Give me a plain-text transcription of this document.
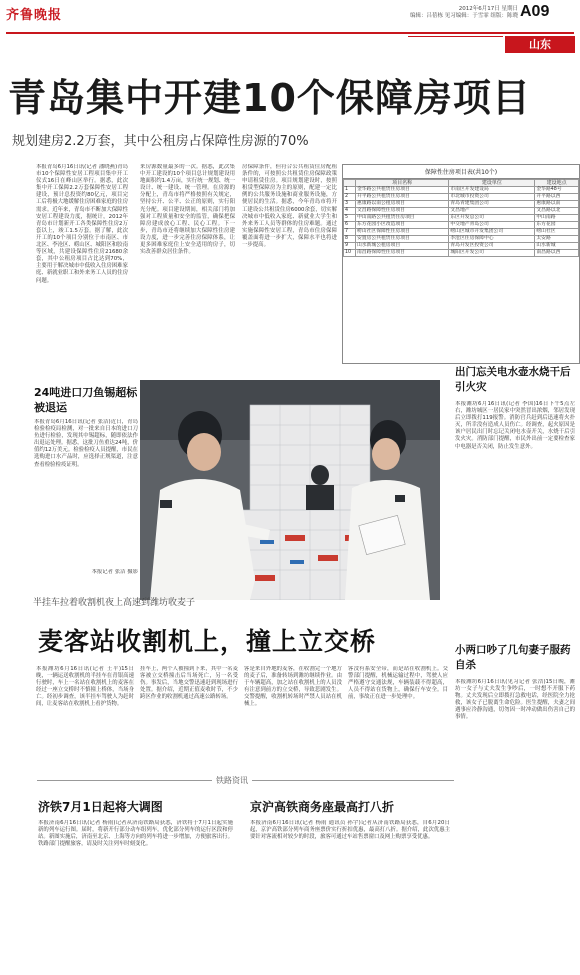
齐鲁晚报	2012年6月17日 星期日
编辑：吕蓓栋 见习编辑：于雪霏 组版：陈晓 A09
山东
青岛集中开建10个保障房项目
规划建房2.2万套，其中公租房占保障性房源的70%
本报青岛6月16日讯(记者 潘晓燕)青岛市10个保障性安居工程项目集中开工仪式16日在峰山区举行。据悉，此次集中开工保障2.2万套保障性安居工程建设，预计总投资约80亿元，项目完工后将极大地缓解住房困难家庭的住房需求。近年来，青岛市不断加大保障性安居工程建设力度，据统计，2012年青岛市计划新开工各类保障性住房2万套以上，竣工1.5万套。据了解，此次开工的10个项目分别位于市南区、市北区、李沧区、崂山区、城阳区和胶南等区域，共建设保障性住房21680余套，其中公租房项目占比达到70%，主要用于解决城市中低收入住房困难家庭、新就业职工和外来务工人员的住房问题。
来房源数量最多的一次。据悉，此次集中开工建设的10个项目总计规划建设用地面积约1.4万亩，实行统一规划、统一设计、统一建设、统一管理。在房源的分配上，青岛市将严格按照有关规定，坚持公开、公平、公正的原则，实行阳光分配。项目建设期间，相关部门将加强对工程质量和安全的监管，确保把保障房建成放心工程、民心工程。下一步，青岛市还将继续加大保障性住房建设力度，进一步完善住房保障体系，让更多困难家庭住上安全适用的房子，切实改善群众居住条件。
房保障条件，但符合公共租赁住房配租条件的，可按照公共租赁住房保障政策申请租赁住房。项目规划建设时，按照租赁型保障房为主的原则，配建一定比例的公共服务设施和商业服务设施，方便居民的生活。据悉，今年青岛市将开工建设公共租赁住房6000余套，切实解决城市中低收入家庭、新就业大学生和外来务工人员等群体的住房难题。通过实施保障性安居工程，青岛市住房保障覆盖面将进一步扩大，保障水平也将进一步提高。
保障性住房项目表(共10个)
	项目名称	建设单位	建设地点
1	金华路公共租赁住房项目	市南区开发建设局	金华路48号
2	开平路公共租赁住房项目	市北城市投资公司	开平路以西
3	惠康路以南公租房项目	青岛青建集团公司	惠康路以南
4	文昌路保障性住房项目	文昌地产	文昌路以北
5	中山南路公共租赁住房项目	东区开发总公司	中山南路
6	东方花园小区改造项目	中交地产青岛公司	东方花园
7	崂山社区保障性住房项目	崂山区城市开发集团公司	崂山社区
8	安置房公共租赁住房项目	李沧区住房保障中心	太安路
9	山水新城公租房项目	青岛开发区投资公司	山水新城
10	南昌路保障性住房项目	城阳区开发公司	南昌路以西
24吨进口刀鱼锡超标被退运
本报青岛6月16日讯(记者 张洁)近日，青岛检验检疫局检测，对一批来自日本的进口刀鱼进行检验，发现其中锡超标，随即依法作出退运处理。据悉，这批刀鱼重达24吨，价值约12万美元。检验检疫人员提醒，市民在选购进口水产品时，应选择正规渠道，注意查看检验检疫证明。
本报记者 张洁 摄影
半挂车拉着收割机夜上高速到潍坊收麦子
麦客站收割机上，撞上立交桥
本报潍坊6月16日讯(记者 王平)15日晚，一辆运送收割机的半挂车在青银高速行驶时，车上一名站在收割机上的麦客在经过一座立交桥时不慎撞上桥体，当场身亡。经初步调查，该半挂车驾驶人为赶时间，让麦客站在收割机上看护货物。
挂车上，两个人被撞到下来，其中一名麦客被立交桥撞击后当场死亡，另一名受伤。事发后，当地交警迅速赶到现场进行处置。据介绍，近期正值麦收时节，不少跨区作业的收割机通过高速公路转场。
客是来自外地的麦客，在收割完一个地方的麦子后，准备转场到潍坊继续作业。由于车辆超高，加之站在收割机上的人员没有注意到前方的立交桥，导致悲剧发生。交警提醒，收割机转场时严禁人员站在机械上。
客没有系安全带，而是站在收割机上。交警部门提醒，机械运输过程中，驾驶人应严格遵守交通法规，车辆装载不得超高，人员不得站在货物上，确保行车安全。目前，事故正在进一步处理中。
出门忘关电水壶水烧干后引火灾
本报潍坊6月16日讯(记者 李国)16日下午5点左右，潍坊城区一居民家中突然冒出浓烟，邻居发现后立即拨打119报警。消防官兵赶到后迅速将火扑灭，所幸没有造成人员伤亡。经调查，起火原因是该户居民出门时忘记关闭电水壶开关，水烧干后引发火灾。消防部门提醒，市民外出前一定要检查家中电器是否关闭，防止发生意外。
小两口吵了几句妻子服药自杀
本报潍坊6月16日讯(见习记者 张浩)15日晚，潍坊一女子与丈夫发生争吵后，一时想不开服下药物。丈夫发现后立即拨打急救电话，经医院全力抢救，该女子已脱离生命危险。医生提醒，夫妻之间遇事应冷静沟通，切勿因一时冲动做出伤害自己的事情。
铁路资讯
济铁7月1日起将大调图
本报济南6月16日讯(记者 杨雨)记者从济南铁路局获悉，济铁将于7月1日起实施新的列车运行图。届时，将新开行部分动车组列车，优化部分列车的运行区段和停站。新图实施后，济南至北京、上海等方向的列车将进一步增加，方便旅客出行。铁路部门提醒旅客，请及时关注列车时刻变化。
京沪高铁商务座最高打八折
本报济南6月16日讯(记者 杨雨 通讯员 孙宇)记者从济南铁路局获悉，自6月20日起，京沪高铁部分列车商务座票价实行折扣优惠，最高打八折。据介绍，此次优惠主要针对客流相对较少的时段，旅客可通过车站售票窗口及网上购票享受优惠。
